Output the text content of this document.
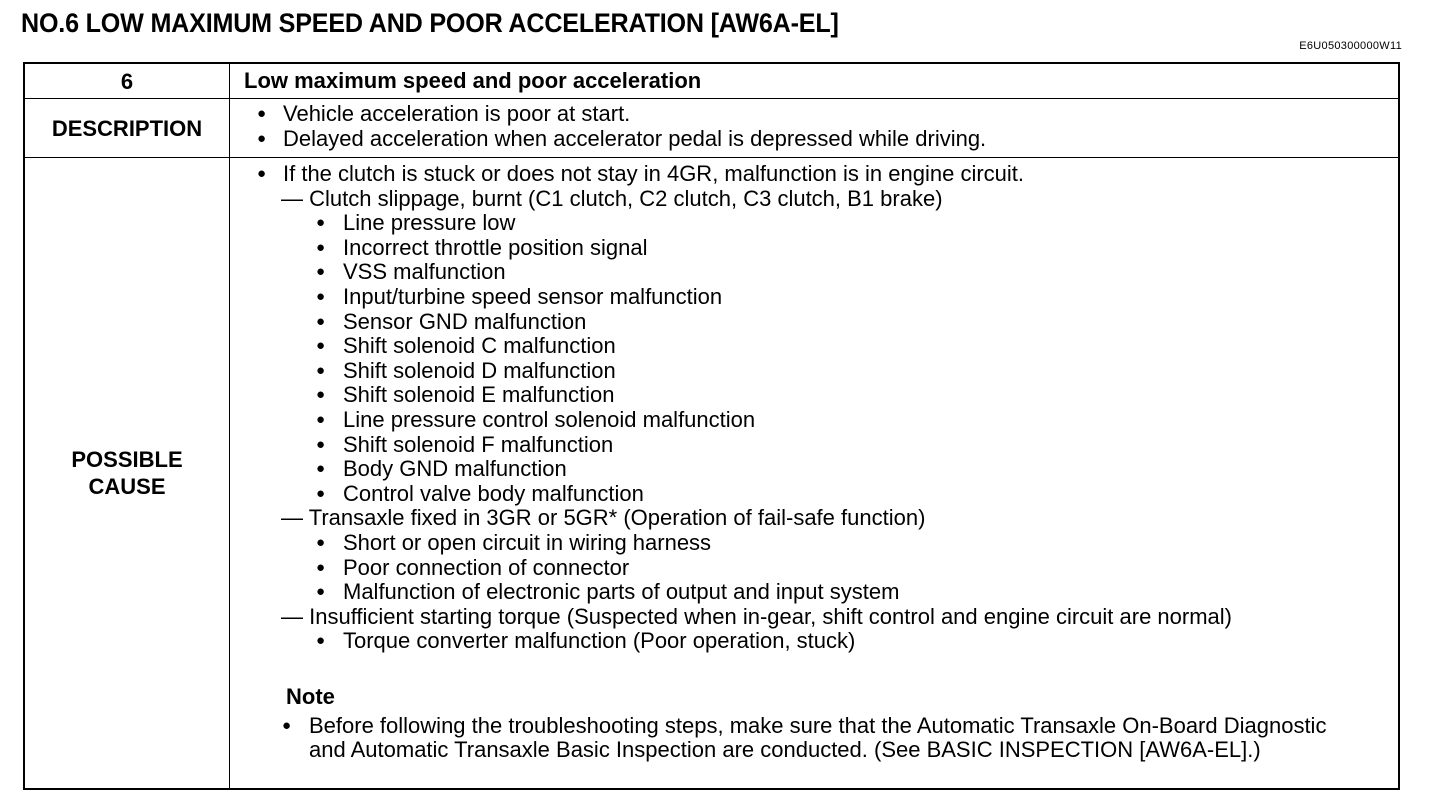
NO.6 LOW MAXIMUM SPEED AND POOR ACCELERATION [AW6A-EL]
E6U050300000W11
6	Low maximum speed and poor acceleration
DESCRIPTION
● Vehicle acceleration is poor at start.
● Delayed acceleration when accelerator pedal is depressed while driving.
POSSIBLE
CAUSE
● If the clutch is stuck or does not stay in 4GR, malfunction is in engine circuit.
— Clutch slippage, burnt (C1 clutch, C2 clutch, C3 clutch, B1 brake)
● Line pressure low
● Incorrect throttle position signal
● VSS malfunction
● Input/turbine speed sensor malfunction
● Sensor GND malfunction
● Shift solenoid C malfunction
● Shift solenoid D malfunction
● Shift solenoid E malfunction
● Line pressure control solenoid malfunction
● Shift solenoid F malfunction
● Body GND malfunction
● Control valve body malfunction
— Transaxle fixed in 3GR or 5GR* (Operation of fail-safe function)
● Short or open circuit in wiring harness
● Poor connection of connector
● Malfunction of electronic parts of output and input system
— Insufficient starting torque (Suspected when in-gear, shift control and engine circuit are normal)
● Torque converter malfunction (Poor operation, stuck)
Note
● Before following the troubleshooting steps, make sure that the Automatic Transaxle On-Board Diagnostic and Automatic Transaxle Basic Inspection are conducted. (See BASIC INSPECTION [AW6A-EL].)
